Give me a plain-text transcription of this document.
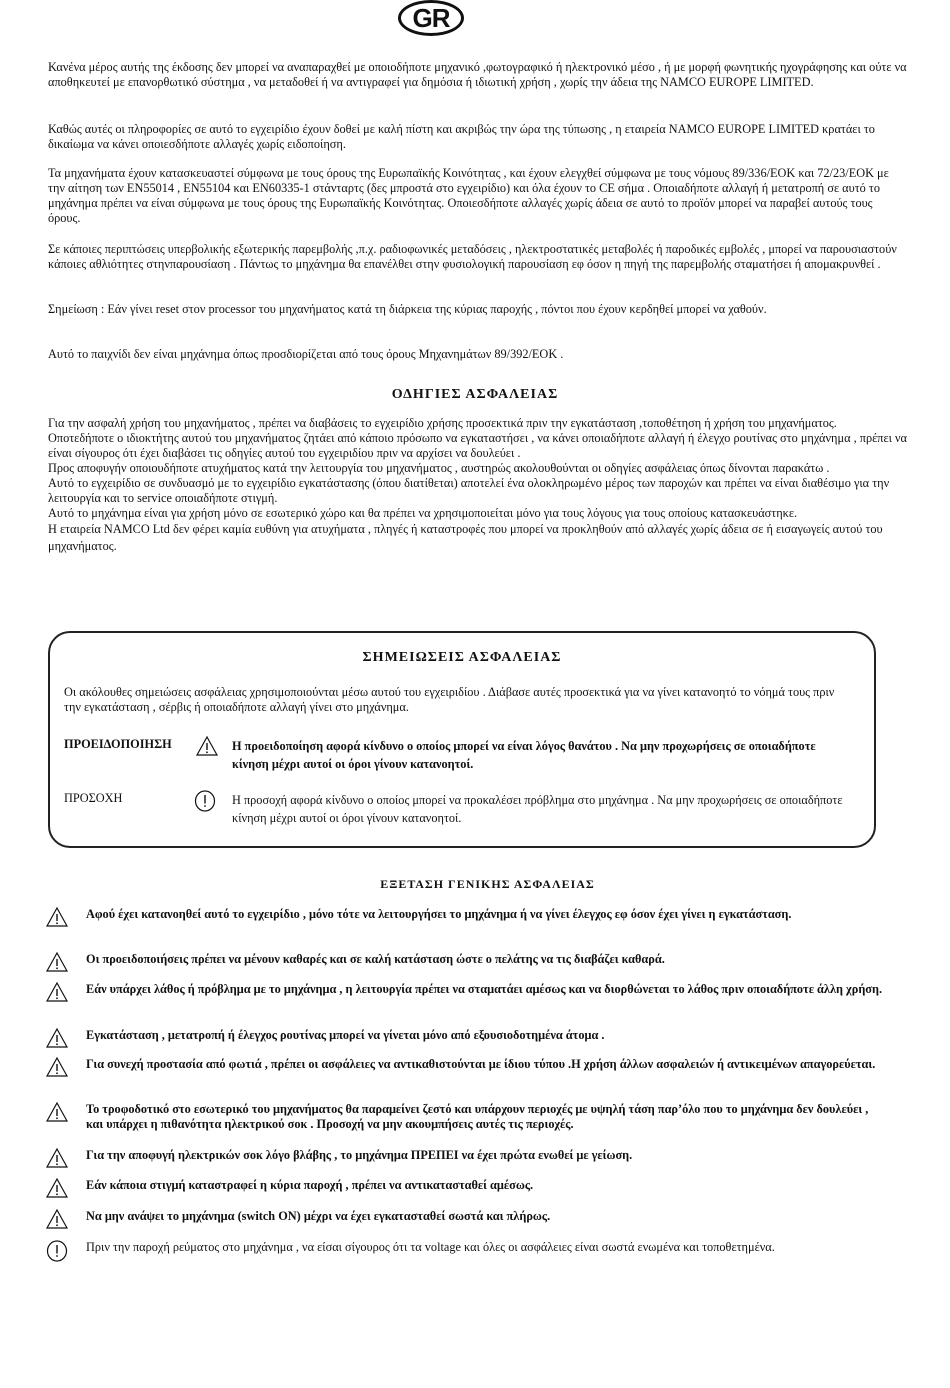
GR

Κανένα μέρος αυτής της έκδοσης δεν μπορεί να αναπαραχθεί με οποιοδήποτε μηχανικό ,φωτογραφικό ή ηλεκτρονικό μέσο , ή με μορφή φωνητικής ηχογράφησης και ούτε να αποθηκευτεί με επανορθωτικό σύστημα , να μεταδοθεί ή να αντιγραφεί για δημόσια ή ιδιωτική χρήση , χωρίς την άδεια της NAMCO EUROPE LIMITED.

Καθώς αυτές οι πληροφορίες σε αυτό το εγχειρίδιο έχουν δοθεί με καλή πίστη και ακριβώς την ώρα της τύπωσης , η εταιρεία NAMCO EUROPE LIMITED κρατάει το δικαίωμα να κάνει οποιεσδήποτε αλλαγές χωρίς ειδοποίηση.

Τα μηχανήματα έχουν κατασκευαστεί σύμφωνα με τους όρους της Ευρωπαϊκής Κοινότητας , και έχουν ελεγχθεί σύμφωνα με τους νόμους 89/336/ΕΟΚ και 72/23/ΕΟΚ με την αίτηση των EN55014 , EN55104 και EN60335-1 στάνταρτς (δες μπροστά στο εγχειρίδιο) και όλα έχουν το CE σήμα . Οποιαδήποτε αλλαγή ή μετατροπή σε αυτό το μηχάνημα πρέπει να είναι σύμφωνα με τους όρους της Ευρωπαϊκής Κοινότητας. Οποιεσδήποτε αλλαγές χωρίς άδεια σε αυτό το προϊόν μπορεί να παραβεί αυτούς τους όρους.

Σε κάποιες περιπτώσεις υπερβολικής εξωτερικής παρεμβολής ,π.χ. ραδιοφωνικές μεταδόσεις , ηλεκτροστατικές μεταβολές ή παροδικές εμβολές , μπορεί να παρουσιαστούν κάποιες αθλιότητες στηνπαρουσίαση . Πάντως το μηχάνημα θα επανέλθει στην φυσιολογική παρουσίαση εφ όσον η πηγή της παρεμβολής σταματήσει ή απομακρυνθεί .

Σημείωση : Εάν γίνει reset στον processor του μηχανήματος κατά τη διάρκεια της κύριας παροχής , πόντοι που έχουν κερδηθεί μπορεί να χαθούν.

Αυτό το παιχνίδι δεν είναι μηχάνημα όπως προσδιορίζεται από τους όρους Μηχανημάτων 89/392/ΕΟΚ .

ΟΔΗΓΙΕΣ ΑΣΦΑΛΕΙΑΣ

Για την ασφαλή χρήση του μηχανήματος , πρέπει να διαβάσεις το εγχειρίδιο χρήσης προσεκτικά πριν την εγκατάσταση ,τοποθέτηση ή χρήση του μηχανήματος.

Οποτεδήποτε ο ιδιοκτήτης αυτού του μηχανήματος ζητάει από κάποιο πρόσωπο να εγκαταστήσει , να κάνει οποιαδήποτε αλλαγή ή έλεγχο ρουτίνας στο μηχάνημα , πρέπει να είναι σίγουρος ότι έχει διαβάσει τις οδηγίες αυτού του εγχειριδίου πριν να αρχίσει να δουλεύει .

Προς αποφυγήν οποιουδήποτε ατυχήματος κατά την λειτουργία του μηχανήματος , αυστηρώς ακολουθούνται οι οδηγίες ασφάλειας όπως δίνονται παρακάτω .

Αυτό το εγχειρίδιο σε συνδυασμό με το εγχειρίδιο εγκατάστασης (όπου διατίθεται) αποτελεί ένα ολοκληρωμένο μέρος των παροχών και πρέπει να είναι διαθέσιμο για την λειτουργία και το service οποιαδήποτε στιγμή.

Αυτό το μηχάνημα είναι για χρήση μόνο σε εσωτερικό χώρο και θα πρέπει να χρησιμοποιείται μόνο για τους λόγους για τους οποίους κατασκευάστηκε.

Η εταιρεία NAMCO Ltd δεν φέρει καμία ευθύνη για ατυχήματα , πληγές ή καταστροφές που μπορεί να προκληθούν από αλλαγές χωρίς άδεια σε ή εισαγωγείς αυτού του μηχανήματος.

ΣΗΜΕΙΩΣΕΙΣ ΑΣΦΑΛΕΙΑΣ
Οι ακόλουθες σημειώσεις ασφάλειας χρησιμοποιούνται μέσω αυτού του εγχειριδίου . Διάβασε αυτές προσεκτικά για να γίνει κατανοητό το νόημά τους πριν την εγκατάσταση , σέρβις ή οποιαδήποτε αλλαγή γίνει στο μηχάνημα.
ΠΡΟΕΙΔΟΠΟΙΗΣΗ	Η προειδοποίηση αφορά κίνδυνο ο οποίος μπορεί να είναι λόγος θανάτου . Να μην προχωρήσεις σε οποιαδήποτε κίνηση μέχρι αυτοί οι όροι γίνουν κατανοητοί.
ΠΡΟΣΟΧΗ	Η προσοχή αφορά κίνδυνο ο οποίος μπορεί να προκαλέσει πρόβλημα στο μηχάνημα . Να μην προχωρήσεις σε οποιαδήποτε κίνηση μέχρι αυτοί οι όροι γίνουν κατανοητοί.
ΕΞΕΤΑΣΗ ΓΕΝΙΚΗΣ ΑΣΦΑΛΕΙΑΣ
Αφού έχει κατανοηθεί αυτό το εγχειρίδιο , μόνο τότε να λειτουργήσει το μηχάνημα ή να γίνει έλεγχος εφ όσον έχει γίνει η εγκατάσταση.
Οι προειδοποιήσεις πρέπει να μένουν καθαρές και σε καλή κατάσταση ώστε ο πελάτης να τις διαβάζει καθαρά.
Εάν υπάρχει λάθος ή πρόβλημα με το μηχάνημα , η λειτουργία πρέπει να σταματάει αμέσως και να διορθώνεται το λάθος πριν οποιαδήποτε άλλη χρήση.
Εγκατάσταση , μετατροπή ή έλεγχος ρουτίνας μπορεί να γίνεται μόνο από εξουσιοδοτημένα άτομα .
Για συνεχή προστασία από φωτιά , πρέπει οι ασφάλειες να αντικαθιστούνται με ίδιου τύπου .Η χρήση άλλων ασφαλειών ή αντικειμένων απαγορεύεται.
Το τροφοδοτικό στο εσωτερικό του μηχανήματος θα παραμείνει ζεστό και υπάρχουν περιοχές με υψηλή τάση παρ’όλο που το μηχάνημα δεν δουλεύει , και υπάρχει η πιθανότητα ηλεκτρικού σοκ . Προσοχή να μην ακουμπήσεις αυτές τις περιοχές.
Για την αποφυγή ηλεκτρικών σοκ λόγο βλάβης , το μηχάνημα ΠΡΕΠΕΙ να έχει πρώτα ενωθεί με γείωση.
Εάν κάποια στιγμή καταστραφεί η κύρια παροχή , πρέπει να αντικατασταθεί αμέσως.
Να μην ανάψει το μηχάνημα (switch ON) μέχρι να έχει εγκατασταθεί σωστά και πλήρως.
Πριν την παροχή ρεύματος στο μηχάνημα , να είσαι σίγουρος ότι τα voltage και όλες οι ασφάλειες είναι σωστά ενωμένα και τοποθετημένα.
